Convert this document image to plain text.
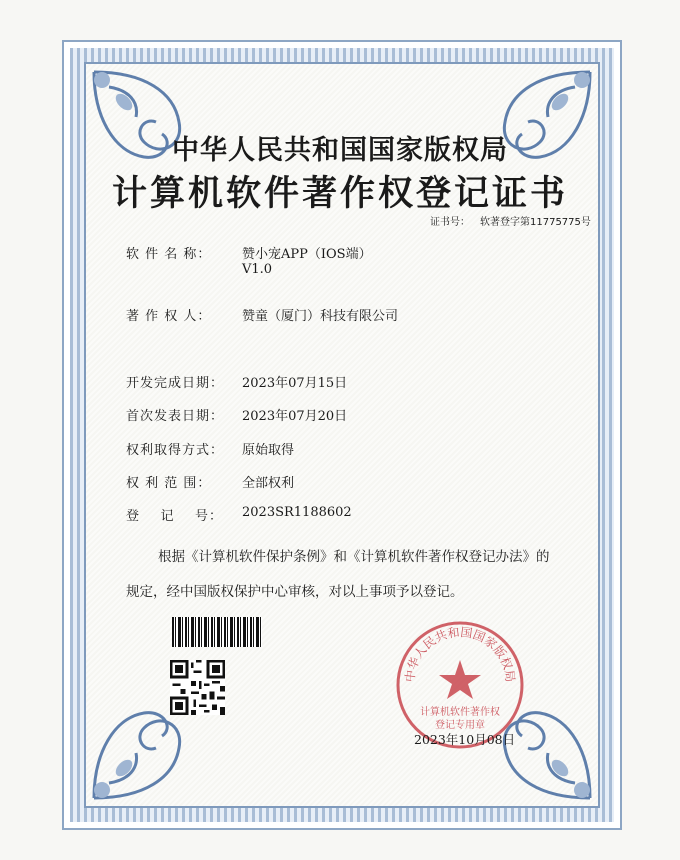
中华人民共和国国家版权局
计算机软件著作权登记证书
证书号： 软著登字第11775775号
软 件 名 称： 赞小宠APP（IOS端）
V1.0
著 作 权 人： 赞童（厦门）科技有限公司
开发完成日期： 2023年07月15日
首次发表日期： 2023年07月20日
权利取得方式： 原始取得
权 利 范 围： 全部权利
登    记    号： 2023SR1188602
根据《计算机软件保护条例》和《计算机软件著作权登记办法》的
规定，经中国版权保护中心审核，对以上事项予以登记。
中华人民共和国国家版权局
计算机软件著作权
登记专用章
2023年10月08日
